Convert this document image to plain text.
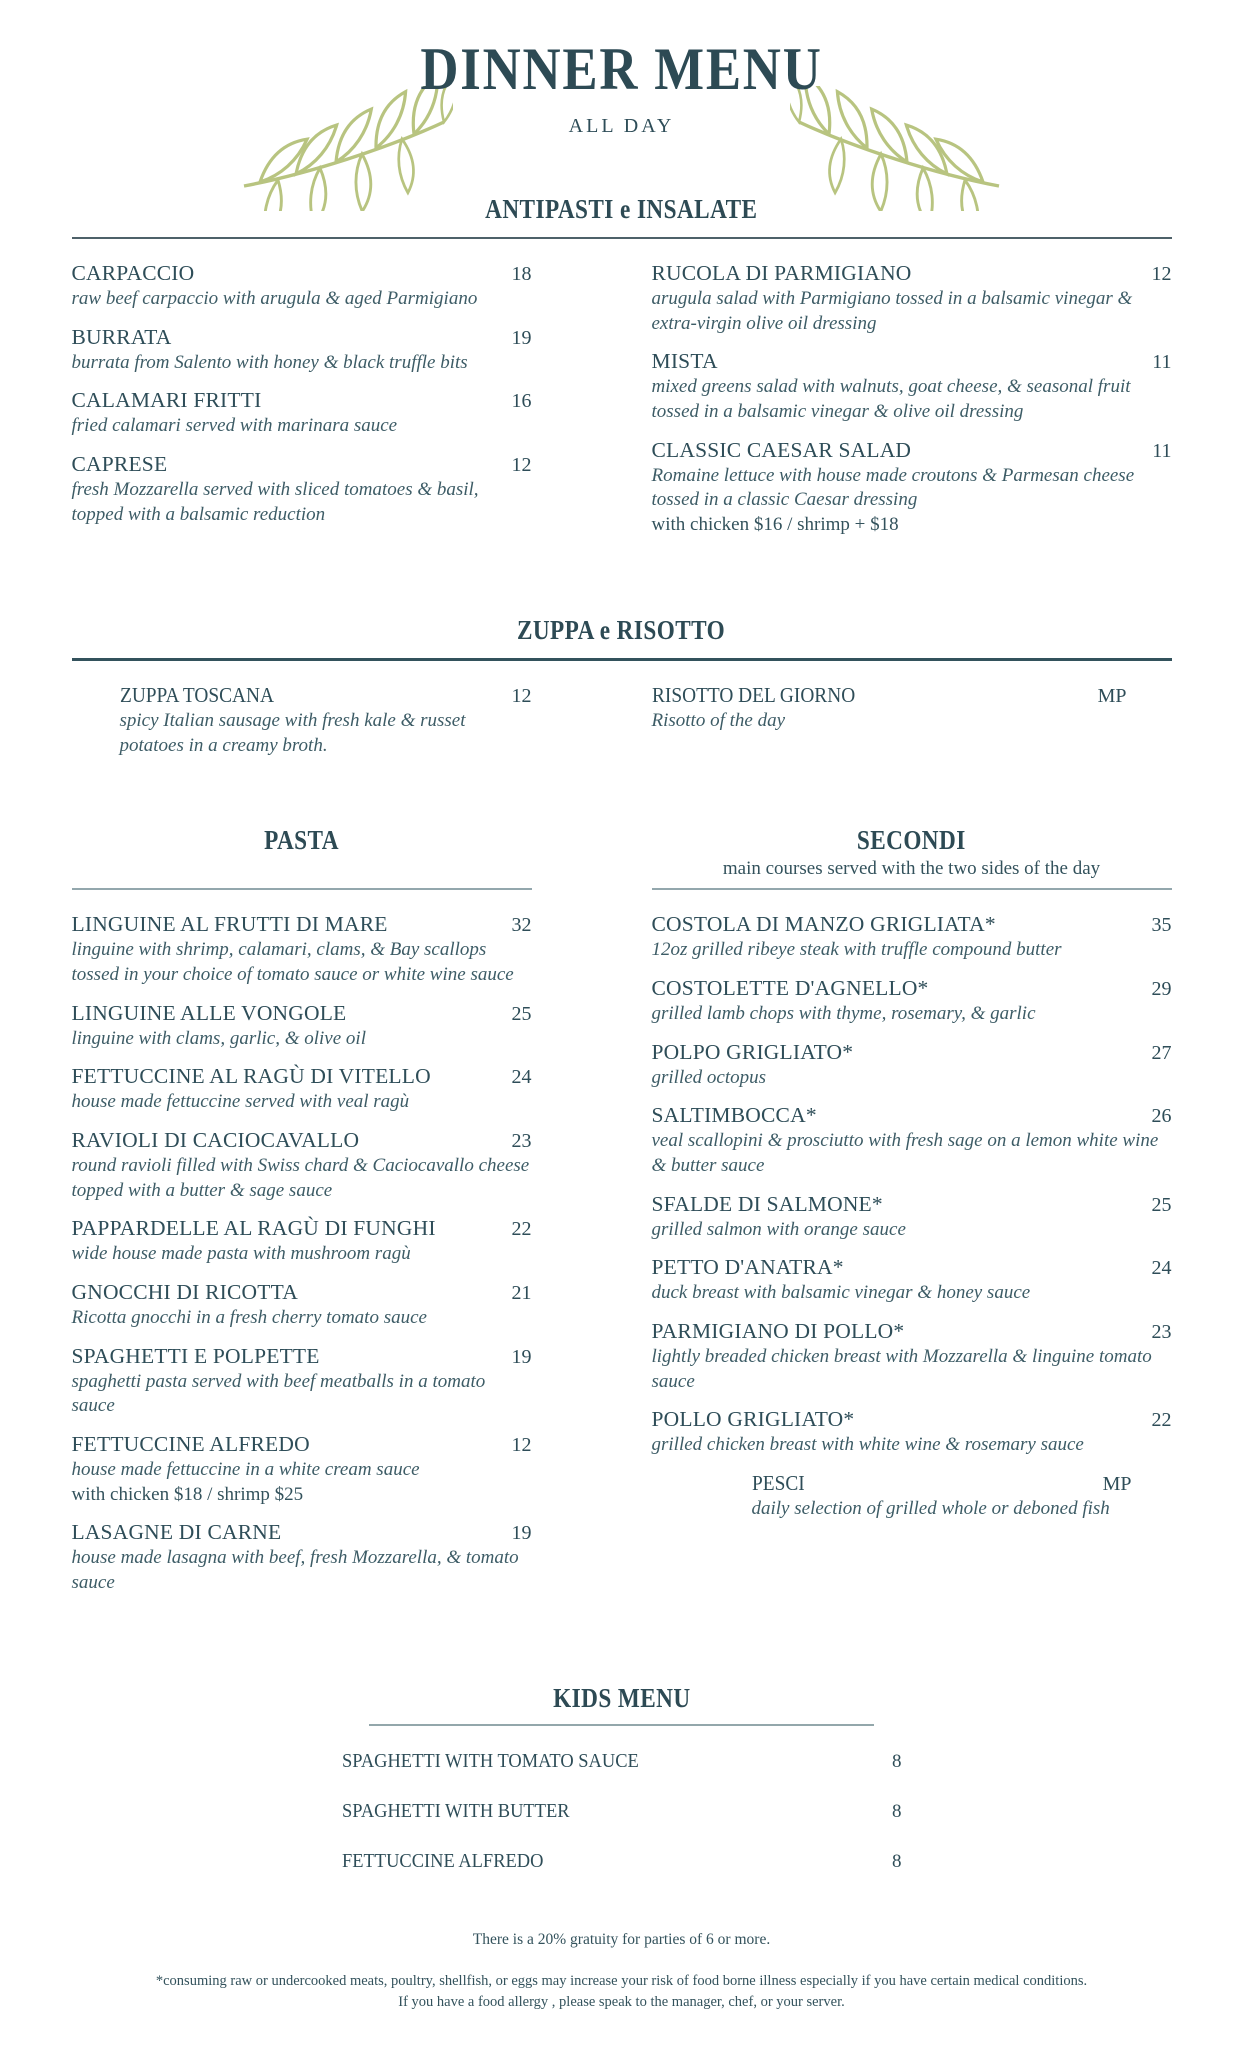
DINNER MENU
ALL DAY
ANTIPASTI e INSALATE
CARPACCIO	18
raw beef carpaccio with arugula & aged Parmigiano
BURRATA	19
burrata from Salento with honey & black truffle bits
CALAMARI FRITTI	16
fried calamari served with marinara sauce
CAPRESE	12
fresh Mozzarella served with sliced tomatoes & basil, topped with a balsamic reduction
RUCOLA DI PARMIGIANO	12
arugula salad with Parmigiano tossed in a balsamic vinegar & extra-virgin olive oil dressing
MISTA	11
mixed greens salad with walnuts, goat cheese, & seasonal fruit tossed in a balsamic vinegar & olive oil dressing
CLASSIC CAESAR SALAD	11
Romaine lettuce with house made croutons & Parmesan cheese tossed in a classic Caesar dressing
with chicken $16 / shrimp + $18
ZUPPA e RISOTTO
ZUPPA TOSCANA	12
spicy Italian sausage with fresh kale & russet potatoes in a creamy broth.
RISOTTO DEL GIORNO	MP
Risotto of the day
PASTA

LINGUINE AL FRUTTI DI MARE	32
linguine with shrimp, calamari, clams, & Bay scallops tossed in your choice of tomato sauce or white wine sauce
LINGUINE ALLE VONGOLE	25
linguine with clams, garlic, & olive oil
FETTUCCINE AL RAGÙ DI VITELLO	24
house made fettuccine served with veal ragù
RAVIOLI DI CACIOCAVALLO	23
round ravioli filled with Swiss chard & Caciocavallo cheese topped with a butter & sage sauce
PAPPARDELLE AL RAGÙ DI FUNGHI	22
wide house made pasta with mushroom ragù
GNOCCHI DI RICOTTA	21
Ricotta gnocchi in a fresh cherry tomato sauce
SPAGHETTI E POLPETTE	19
spaghetti pasta served with beef meatballs in a tomato sauce
FETTUCCINE ALFREDO	12
house made fettuccine in a white cream sauce
with chicken $18 / shrimp $25
LASAGNE DI CARNE	19
house made lasagna with beef, fresh Mozzarella, & tomato sauce
SECONDI
main courses served with the two sides of the day
COSTOLA DI MANZO GRIGLIATA*	35
12oz grilled ribeye steak with truffle compound butter
COSTOLETTE D'AGNELLO*	29
grilled lamb chops with thyme, rosemary, & garlic
POLPO GRIGLIATO*	27
grilled octopus
SALTIMBOCCA*	26
veal scallopini & prosciutto with fresh sage on a lemon white wine & butter sauce
SFALDE DI SALMONE*	25
grilled salmon with orange sauce
PETTO D'ANATRA*	24
duck breast with balsamic vinegar & honey sauce
PARMIGIANO DI POLLO*	23
lightly breaded chicken breast with Mozzarella & linguine tomato sauce
POLLO GRIGLIATO*	22
grilled chicken breast with white wine & rosemary sauce
PESCI	MP
daily selection of grilled whole or deboned fish
KIDS MENU
SPAGHETTI WITH TOMATO SAUCE	8
SPAGHETTI WITH BUTTER	8
FETTUCCINE ALFREDO	8
There is a 20% gratuity for parties of 6 or more.
*consuming raw or undercooked meats, poultry, shellfish, or eggs may increase your risk of food borne illness especially if you have certain medical conditions.
If you have a food allergy , please speak to the manager, chef, or your server.
